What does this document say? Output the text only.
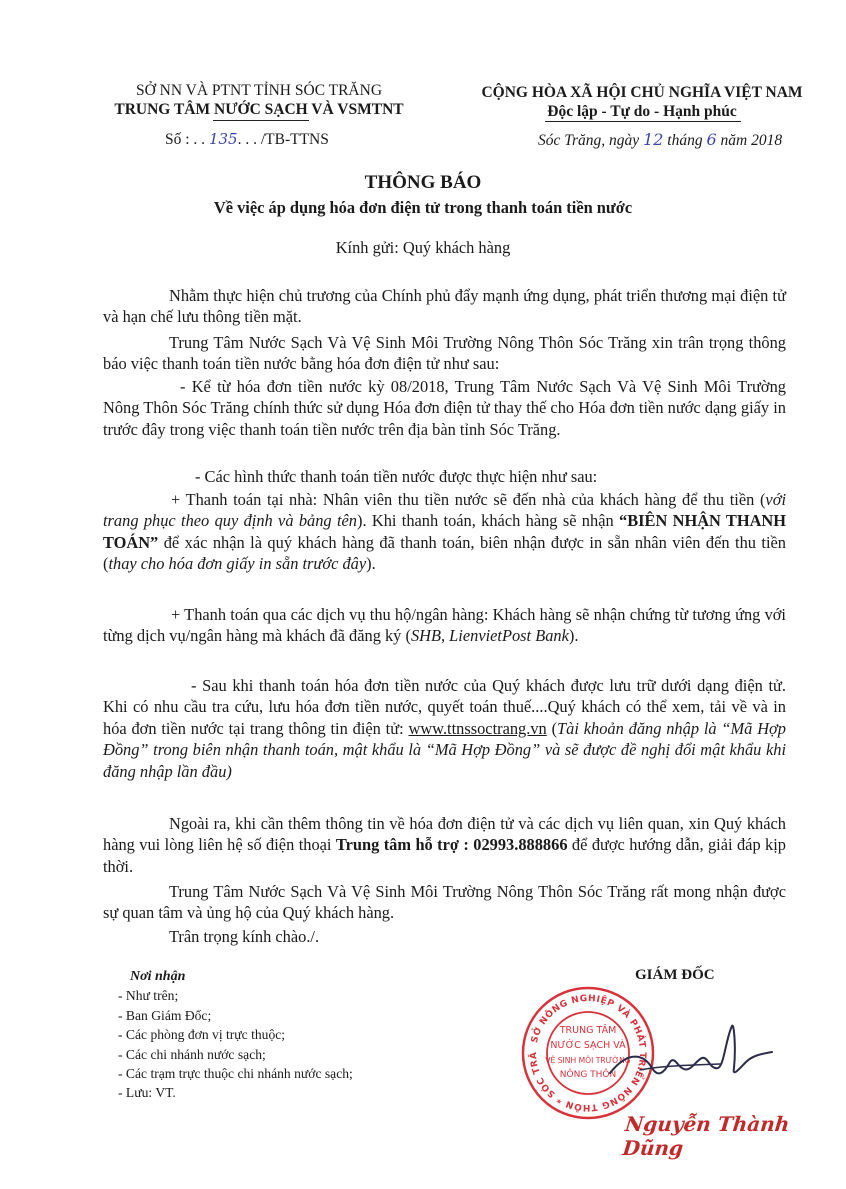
SỞ NN VÀ PTNT TỈNH SÓC TRĂNG
TRUNG TÂM NƯỚC SẠCH VÀ VSMTNT
Số : . . 135. . . /TB-TTNS
CỘNG HÒA XÃ HỘI CHỦ NGHĨA VIỆT NAM
Độc lập - Tự do - Hạnh phúc
Sóc Trăng, ngày 12 tháng 6 năm 2018
THÔNG BÁO
Về việc áp dụng hóa đơn điện tử trong thanh toán tiền nước
Kính gửi: Quý khách hàng

Nhằm thực hiện chủ trương của Chính phủ đẩy mạnh ứng dụng, phát triển thương mại điện tử và hạn chế lưu thông tiền mặt.

Trung Tâm Nước Sạch Và Vệ Sinh Môi Trường Nông Thôn Sóc Trăng xin trân trọng thông báo việc thanh toán tiền nước bằng hóa đơn điện tử như sau:

- Kể từ hóa đơn tiền nước kỳ 08/2018, Trung Tâm Nước Sạch Và Vệ Sinh Môi Trường Nông Thôn Sóc Trăng chính thức sử dụng Hóa đơn điện tử thay thế cho Hóa đơn tiền nước dạng giấy in trước đây trong việc thanh toán tiền nước trên địa bàn tỉnh Sóc Trăng.

- Các hình thức thanh toán tiền nước được thực hiện như sau:

+ Thanh toán tại nhà: Nhân viên thu tiền nước sẽ đến nhà của khách hàng để thu tiền (với trang phục theo quy định và bảng tên). Khi thanh toán, khách hàng sẽ nhận “BIÊN NHẬN THANH TOÁN” để xác nhận là quý khách hàng đã thanh toán, biên nhận được in sẵn nhân viên đến thu tiền (thay cho hóa đơn giấy in sẵn trước đây).

+ Thanh toán qua các dịch vụ thu hộ/ngân hàng: Khách hàng sẽ nhận chứng từ tương ứng với từng dịch vụ/ngân hàng mà khách đã đăng ký (SHB, LienvietPost Bank).

- Sau khi thanh toán hóa đơn tiền nước của Quý khách được lưu trữ dưới dạng điện tử. Khi có nhu cầu tra cứu, lưu hóa đơn tiền nước, quyết toán thuế....Quý khách có thể xem, tải về và in hóa đơn tiền nước tại trang thông tin điện tử: www.ttnssoctrang.vn (Tài khoản đăng nhập là “Mã Hợp Đồng” trong biên nhận thanh toán, mật khẩu là “Mã Hợp Đồng” và sẽ được đề nghị đổi mật khẩu khi đăng nhập lần đầu)

Ngoài ra, khi cần thêm thông tin về hóa đơn điện tử và các dịch vụ liên quan, xin Quý khách hàng vui lòng liên hệ số điện thoại Trung tâm hỗ trợ : 02993.888866 để được hướng dẫn, giải đáp kịp thời.

Trung Tâm Nước Sạch Và Vệ Sinh Môi Trường Nông Thôn Sóc Trăng rất mong nhận được sự quan tâm và ủng hộ của Quý khách hàng.

Trân trọng kính chào./.

Nơi nhận
- Như trên;
- Ban Giám Đốc;
- Các phòng đơn vị trực thuộc;
- Các chi nhánh nước sạch;
- Các trạm trực thuộc chi nhánh nước sạch;
- Lưu: VT.
GIÁM ĐỐC
SỞ NÔNG NGHIỆP VÀ PHÁT TRIỂN NÔNG THÔN * SÓC TRĂ
TRUNG TÂM
NƯỚC SẠCH VÀ
VỆ SINH MÔI TRƯỜNG
NÔNG THÔN
Nguyễn Thành Dũng
